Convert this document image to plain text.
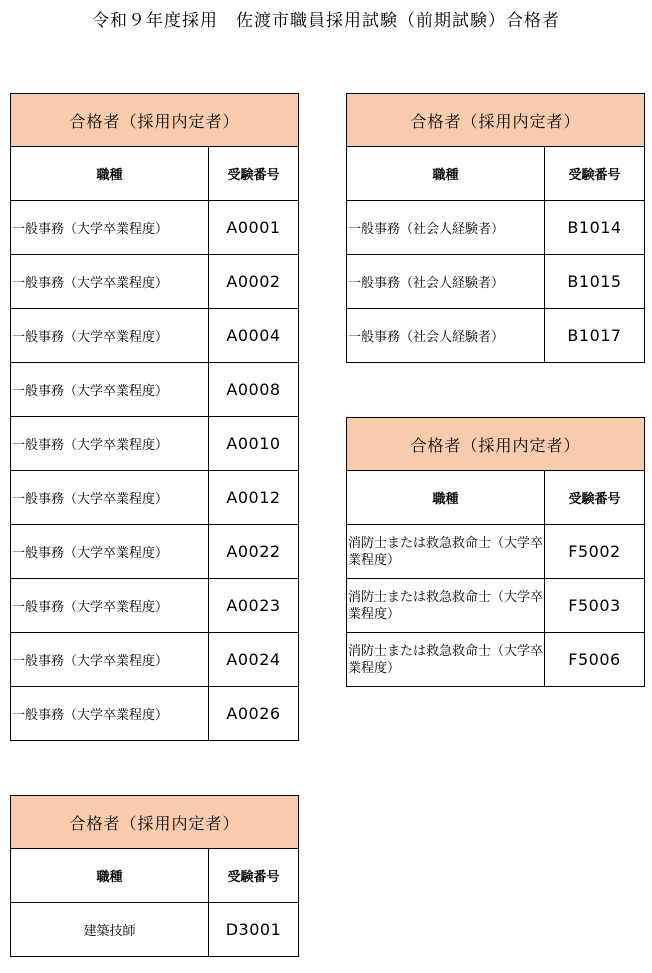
令和９年度採用　佐渡市職員採用試験（前期試験）合格者
合格者（採用内定者）	
職種	受験番号
一般事務（大学卒業程度）	A0001
一般事務（大学卒業程度）	A0002
一般事務（大学卒業程度）	A0004
一般事務（大学卒業程度）	A0008
一般事務（大学卒業程度）	A0010
一般事務（大学卒業程度）	A0012
一般事務（大学卒業程度）	A0022
一般事務（大学卒業程度）	A0023
一般事務（大学卒業程度）	A0024
一般事務（大学卒業程度）	A0026
合格者（採用内定者）	
職種	受験番号
一般事務（社会人経験者）	B1014
一般事務（社会人経験者）	B1015
一般事務（社会人経験者）	B1017
合格者（採用内定者）	
職種	受験番号
消防士または救急救命士（大学卒業程度）	F5002
消防士または救急救命士（大学卒業程度）	F5003
消防士または救急救命士（大学卒業程度）	F5006
合格者（採用内定者）	
職種	受験番号
建築技師	D3001
